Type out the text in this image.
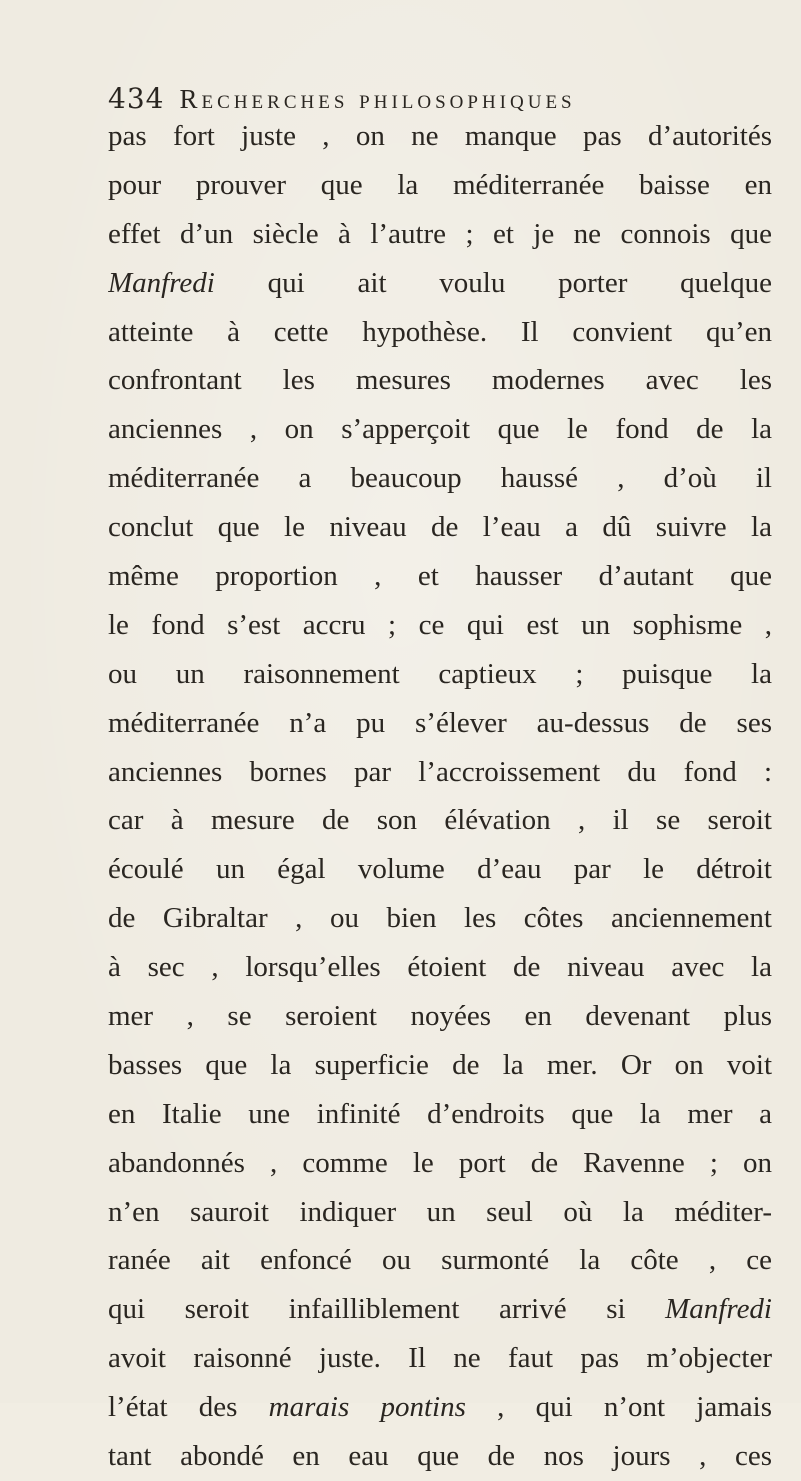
434 Recherches philosophiques
pas fort juste , on ne manque pas d’autorités
pour prouver que la méditerranée baisse en
effet d’un siècle à l’autre ; et je ne connois que
Manfredi qui ait voulu porter quelque
atteinte à cette hypothèse. Il convient qu’en
confrontant les mesures modernes avec les
anciennes , on s’apperçoit que le fond de la
méditerranée a beaucoup haussé , d’où il
conclut que le niveau de l’eau a dû suivre la
même proportion , et hausser d’autant que
le fond s’est accru ; ce qui est un sophisme ,
ou un raisonnement captieux ; puisque la
méditerranée n’a pu s’élever au-dessus de ses
anciennes bornes par l’accroissement du fond :
car à mesure de son élévation , il se seroit
écoulé un égal volume d’eau par le détroit
de Gibraltar , ou bien les côtes anciennement
à sec , lorsqu’elles étoient de niveau avec la
mer , se seroient noyées en devenant plus
basses que la superficie de la mer. Or on voit
en Italie une infinité d’endroits que la mer a
abandonnés , comme le port de Ravenne ; on
n’en sauroit indiquer un seul où la méditer-
ranée ait enfoncé ou surmonté la côte , ce
qui seroit infailliblement arrivé si Manfredi
avoit raisonné juste. Il ne faut pas m’objecter
l’état des marais pontins , qui n’ont jamais
tant abondé en eau que de nos jours , ces
